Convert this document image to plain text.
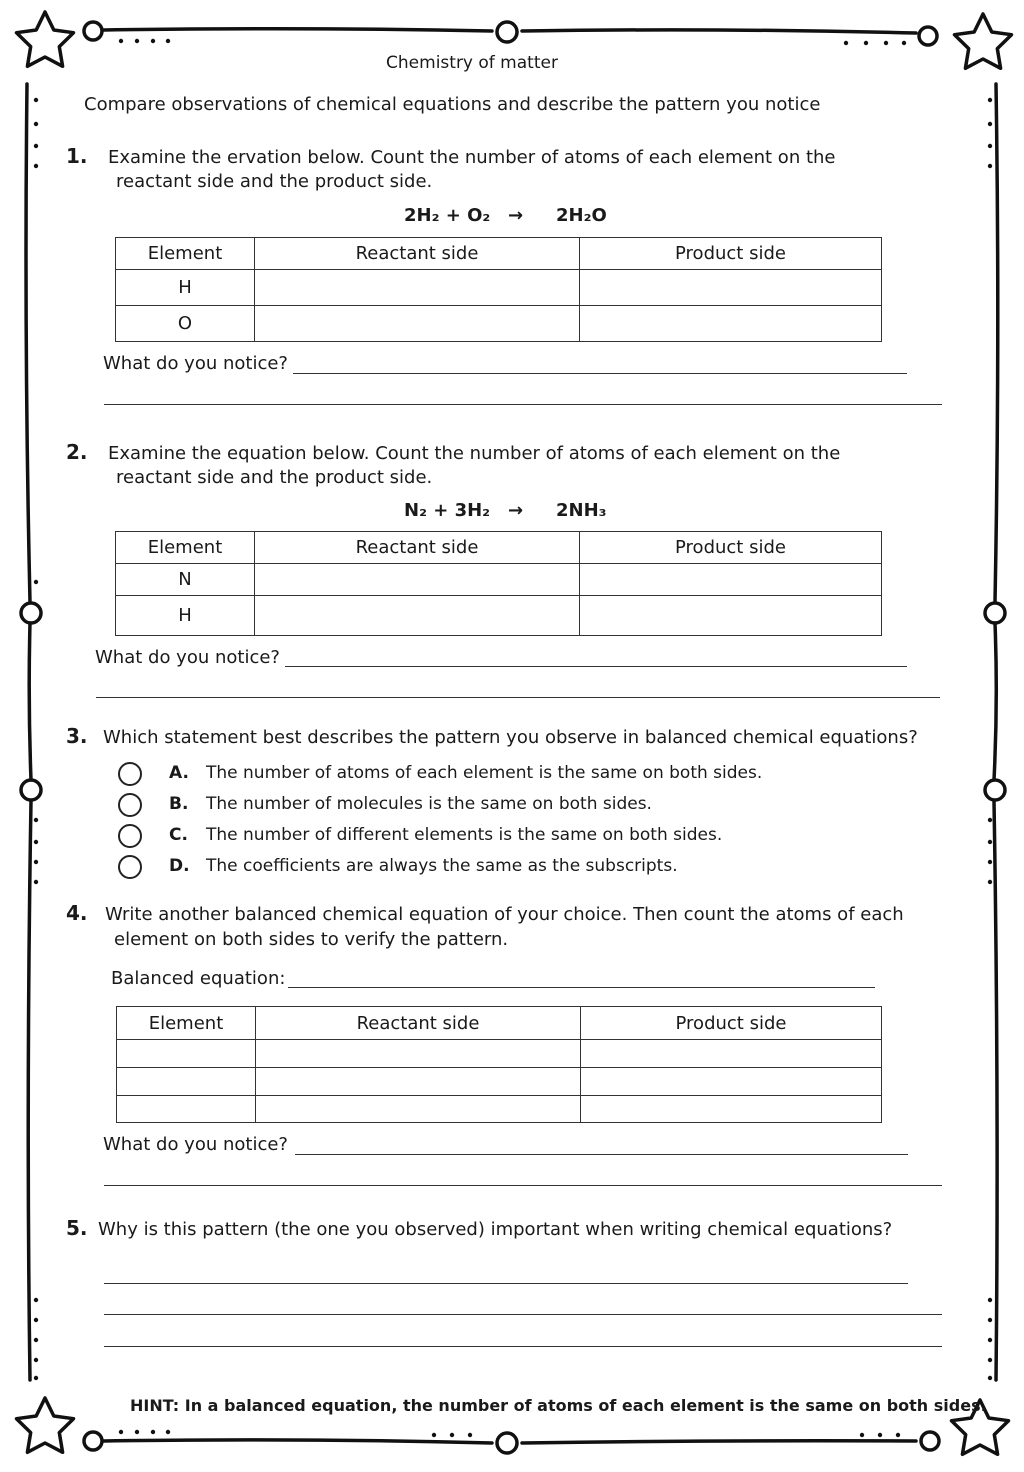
Chemistry of matter
Compare observations of chemical equations and describe the pattern you notice
1. Examine the ervation below. Count the number of atoms of each element on the
reactant side and the product side.
2H₂ + O₂ → 2H₂O
Element	Reactant side	Product side
H		
O		
What do you notice?
2. Examine the equation below. Count the number of atoms of each element on the
reactant side and the product side.
N₂ + 3H₂ → 2NH₃
Element	Reactant side	Product side
N		
H		
What do you notice?
3. Which statement best describes the pattern you observe in balanced chemical equations?
A. The number of atoms of each element is the same on both sides.
B. The number of molecules is the same on both sides.
C. The number of different elements is the same on both sides.
D. The coefficients are always the same as the subscripts.
4. Write another balanced chemical equation of your choice. Then count the atoms of each
element on both sides to verify the pattern.
Balanced equation:
Element	Reactant side	Product side

What do you notice?
5. Why is this pattern (the one you observed) important when writing chemical equations?
HINT: In a balanced equation, the number of atoms of each element is the same on both sides.
